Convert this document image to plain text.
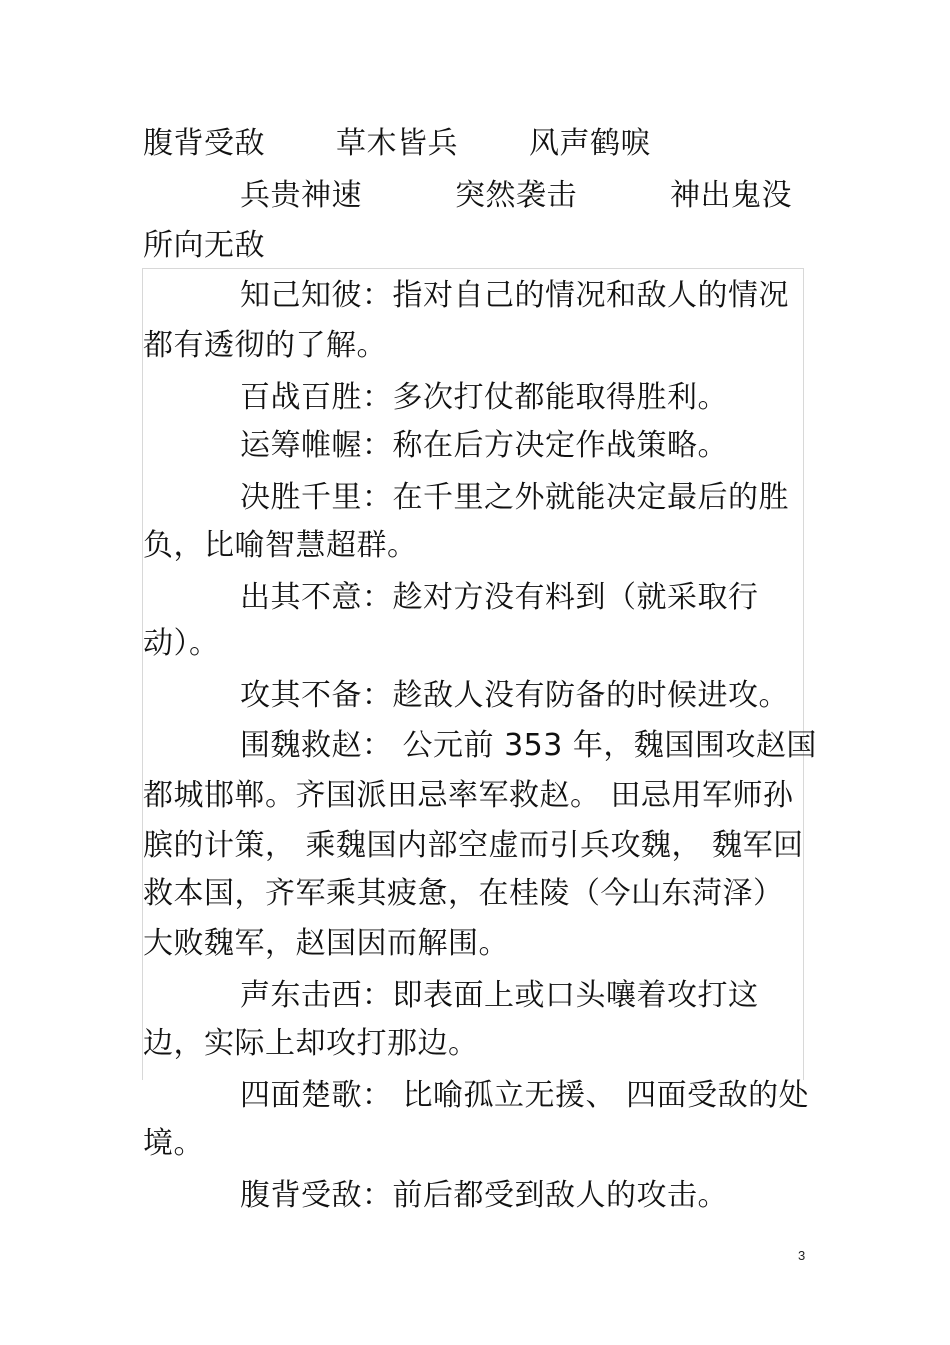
腹背受敌 草木皆兵 风声鹤唳
兵贵神速	突然袭击	神出鬼没
所向无敌
知己知彼：指对自己的情况和敌人的情况
都有透彻的了解。
百战百胜：多次打仗都能取得胜利。
运筹帷幄：称在后方决定作战策略。
决胜千里：在千里之外就能决定最后的胜
负，比喻智慧超群。
出其不意：趁对方没有料到（就采取行
动）。
攻其不备：趁敌人没有防备的时候进攻。
围魏救赵： 公元前 353 年，魏国围攻赵国
都城邯郸。齐国派田忌率军救赵。 田忌用军师孙
膑的计策， 乘魏国内部空虚而引兵攻魏， 魏军回
救本国，齐军乘其疲惫，在桂陵（今山东菏泽）
大败魏军，赵国因而解围。
声东击西：即表面上或口头嚷着攻打这
边，实际上却攻打那边。
四面楚歌： 比喻孤立无援、 四面受敌的处
境。
腹背受敌：前后都受到敌人的攻击。
3
